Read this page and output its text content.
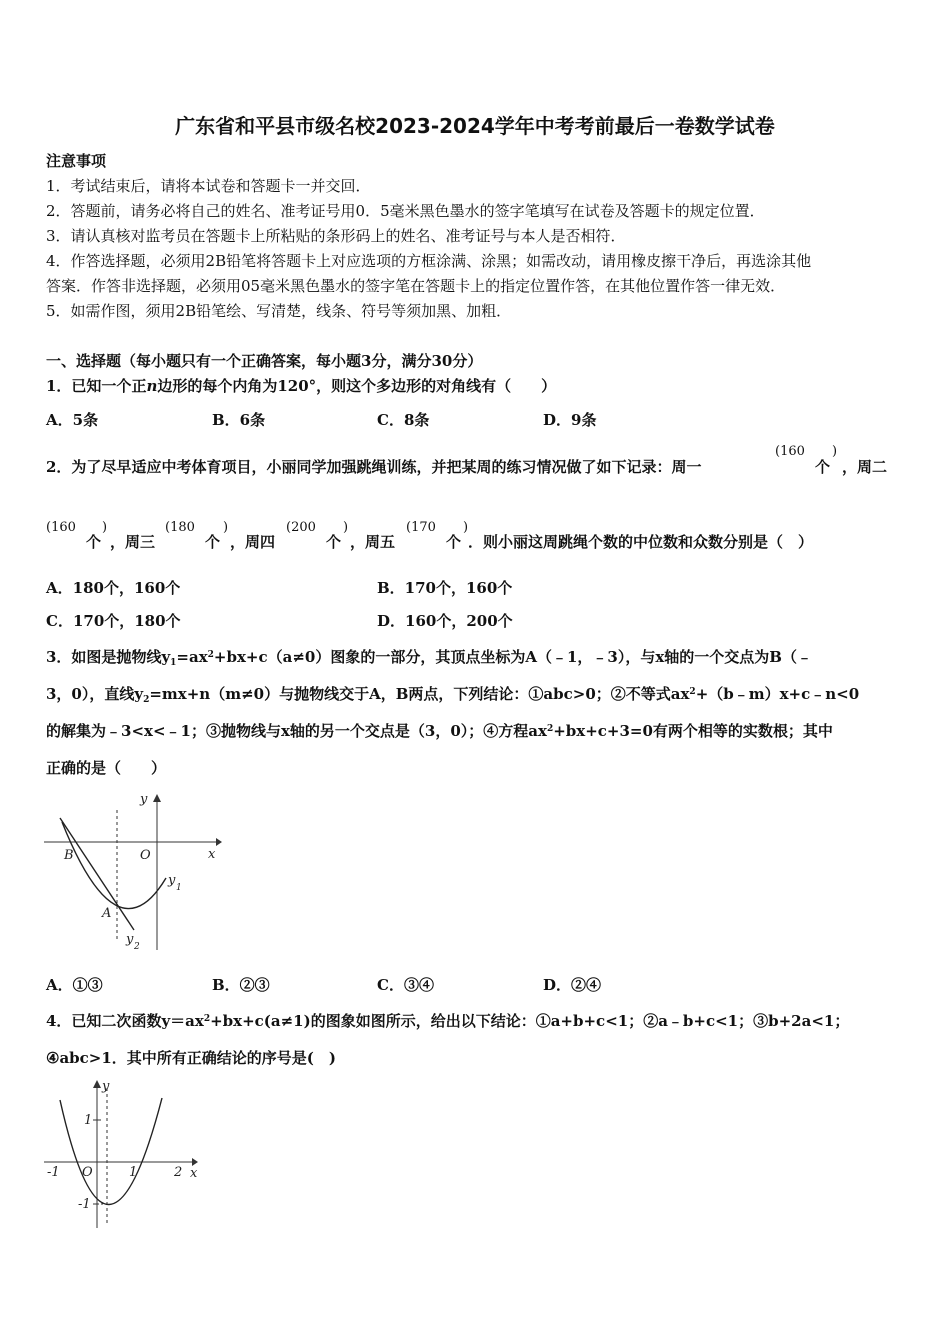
广东省和平县市级名校2023-2024学年中考考前最后一卷数学试卷
注意事项
1．考试结束后，请将本试卷和答题卡一并交回．
2．答题前，请务必将自己的姓名、准考证号用0．5毫米黑色墨水的签字笔填写在试卷及答题卡的规定位置．
3．请认真核对监考员在答题卡上所粘贴的条形码上的姓名、准考证号与本人是否相符．
4．作答选择题，必须用2B铅笔将答题卡上对应选项的方框涂满、涂黑；如需改动，请用橡皮擦干净后，再选涂其他
答案．作答非选择题，必须用05毫米黑色墨水的签字笔在答题卡上的指定位置作答，在其他位置作答一律无效．
5．如需作图，须用2B铅笔绘、写清楚，线条、符号等须加黑、加粗．
一、选择题（每小题只有一个正确答案，每小题3分，满分30分）
1．已知一个正n边形的每个内角为120°，则这个多边形的对角线有（　　）
A．5条	B．6条	C．8条	D．9条
2．为了尽早适应中考体育项目，小丽同学加强跳绳训练，并把某周的练习情况做了如下记录：周一
(160
个
)
，周二
(160
个
)
，周三
(180
个
)
，周四
(200
个
)
，周五
(170
个
)
．则小丽这周跳绳个数的中位数和众数分别是（　）
A．180个，160个	B．170个，160个
C．170个，180个	D．160个，200个
3．如图是抛物线$y_1=ax^2+bx+c(a\ne 0)$图象的一部分，其顶点坐标为A（﹣1，﹣3），与x轴的一个交点为B（﹣
3，0），直线$y_2=mx+n(m\ne 0)$与抛物线交于A，B两点，下列结论：①abc>0；②不等式$ax^2+(b﹣m)x+c﹣n<0$
的解集为﹣3<x<﹣1；③抛物线与x轴的另一个交点是（3，0）；④方程$ax^2+bx+c+3=0$有两个相等的实数根；其中
正确的是（　　）
y
x
B	O
A
y 1
y 2
A．①③	B．②③	C．③④	D．②④
4．已知二次函数$y=ax^2+bx+c(a\ne 1)$的图象如图所示，给出以下结论：①a+b+c<1；②a﹣b+c<1；③b+2a<1；
④abc>1．其中所有正确结论的序号是(　)
y
x
1
-1 O	1	2
-1
